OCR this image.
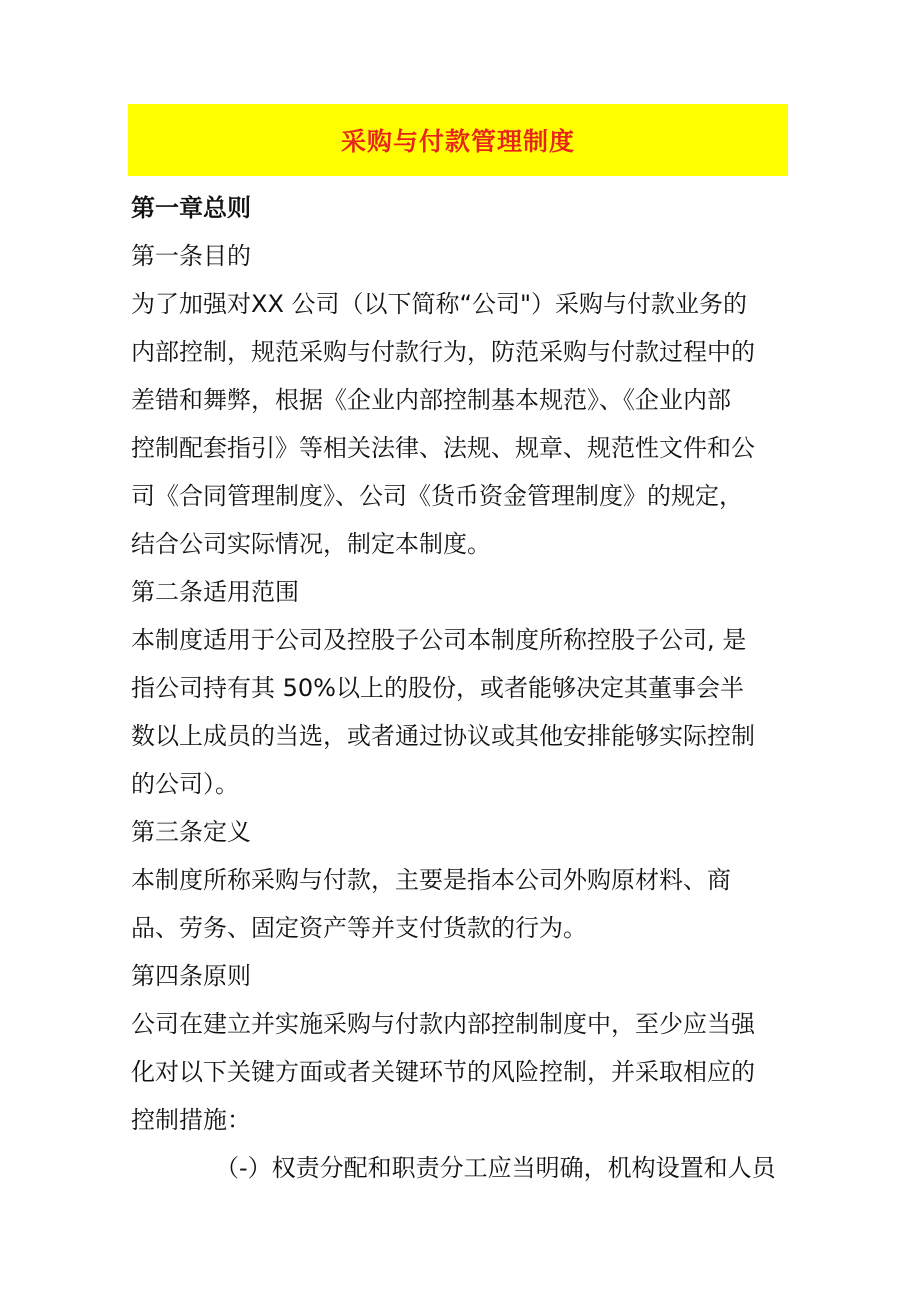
采购与付款管理制度
第一章总则
第一条目的
为了加强对XX 公司（以下简称“公司"）采购与付款业务的
内部控制，规范采购与付款行为，防范采购与付款过程中的
差错和舞弊，根据《企业内部控制基本规范》、《企业内部
控制配套指引》等相关法律、法规、规章、规范性文件和公
司《合同管理制度》、公司《货币资金管理制度》的规定，
结合公司实际情况，制定本制度。
第二条适用范围
本制度适用于公司及控股子公司本制度所称控股子公司, 是
指公司持有其 50%以上的股份，或者能够决定其董事会半
数以上成员的当选，或者通过协议或其他安排能够实际控制
的公司）。
第三条定义
本制度所称采购与付款，主要是指本公司外购原材料、商
品、劳务、固定资产等并支付货款的行为。
第四条原则
公司在建立并实施采购与付款内部控制制度中，至少应当强
化对以下关键方面或者关键环节的风险控制，并采取相应的
控制措施：
（-）权责分配和职责分工应当明确，机构设置和人员
